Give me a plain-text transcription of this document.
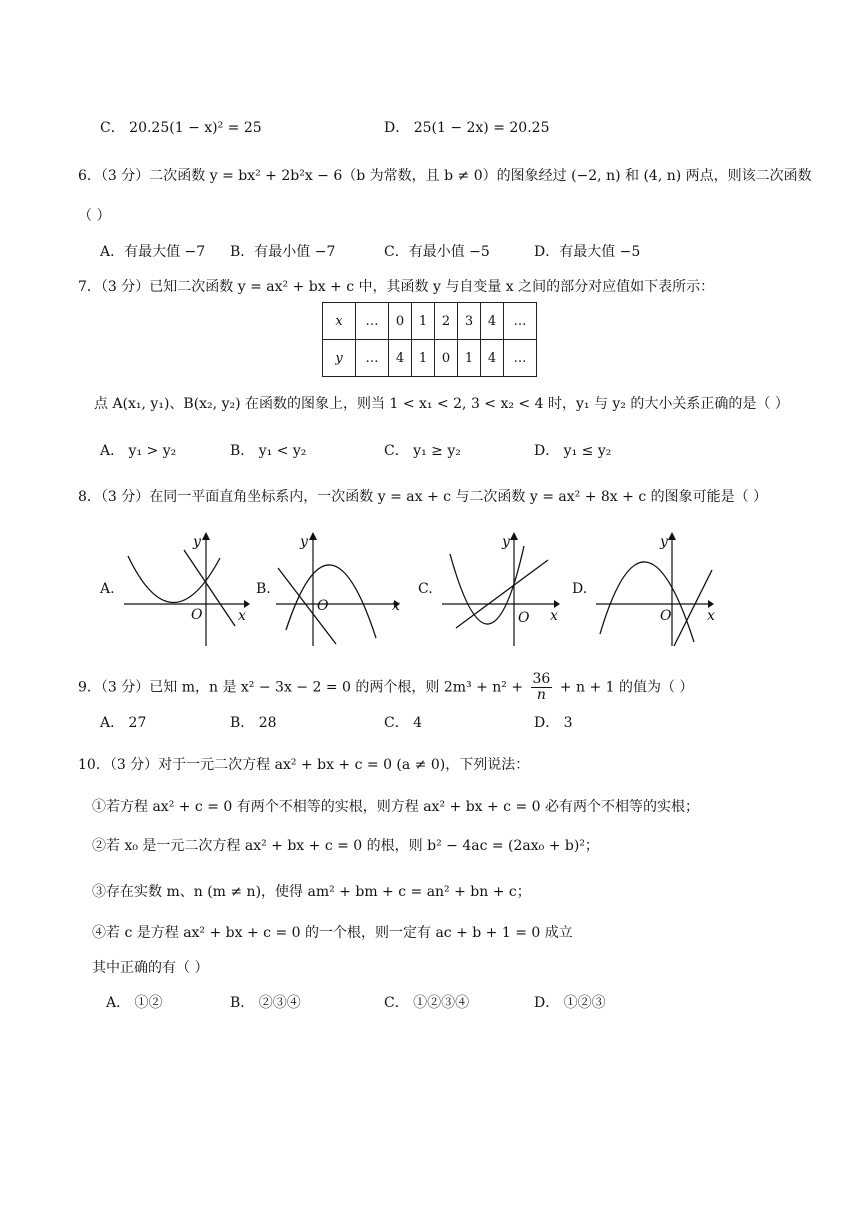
C． 20.25(1 − x)² = 25	D． 25(1 − 2x) = 20.25
6．（3 分）二次函数 y = bx² + 2b²x − 6（b 为常数，且 b ≠ 0）的图象经过 (−2, n) 和 (4, n) 两点，则该二次函数
（ ）
A．有最大值 −7 B．有最小值 −7	C．有最小值 −5	D．有最大值 −5
7．（3 分）已知二次函数 y = ax² + bx + c 中，其函数 y 与自变量 x 之间的部分对应值如下表所示：
x	…	0	1	2	3	4	…
y	…	4	1	0	1	4	…
点 A(x₁, y₁)、B(x₂, y₂) 在函数的图象上，则当 1 < x₁ < 2, 3 < x₂ < 4 时，y₁ 与 y₂ 的大小关系正确的是（ ）
A． y₁ > y₂	B． y₁ < y₂	C． y₁ ≥ y₂	D． y₁ ≤ y₂
8．（3 分）在同一平面直角坐标系内，一次函数 y = ax + c 与二次函数 y = ax² + 8x + c 的图象可能是（ ）
A.
O	x
y
B.
O	x
y
C.
O x
y
D.
O	x
y
9．（3 分）已知 m，n 是 x² − 3x − 2 = 0 的两个根，则 $2m^3 + n^2 + \frac{36}{n} + n + 1$ 的值为（ ）
A． 27	B． 28	C． 4	D． 3
10．（3 分）对于一元二次方程 ax² + bx + c = 0 (a ≠ 0)，下列说法：
①若方程 ax² + c = 0 有两个不相等的实根，则方程 ax² + bx + c = 0 必有两个不相等的实根；
②若 x₀ 是一元二次方程 ax² + bx + c = 0 的根，则 b² − 4ac = (2ax₀ + b)²；
③存在实数 m、n (m ≠ n)，使得 am² + bm + c = an² + bn + c；
④若 c 是方程 ax² + bx + c = 0 的一个根，则一定有 ac + b + 1 = 0 成立
其中正确的有（ ）
A． ①②	B． ②③④	C． ①②③④	D． ①②③
